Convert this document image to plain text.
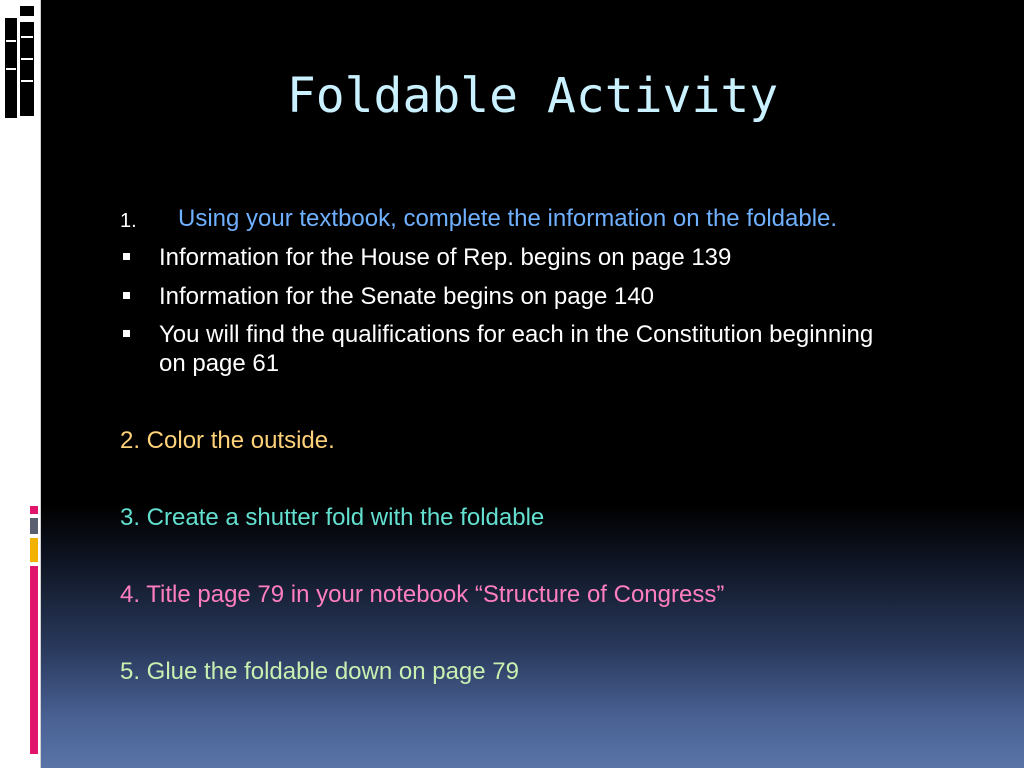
Foldable Activity
1. Using your textbook, complete the information on the foldable.
Information for the House of Rep. begins on page 139
Information for the Senate begins on page 140
You will find the qualifications for each in the Constitution beginning on page 61
2. Color the outside.
3. Create a shutter fold with the foldable
4. Title page 79 in your notebook “Structure of Congress”
5. Glue the foldable down on page 79
